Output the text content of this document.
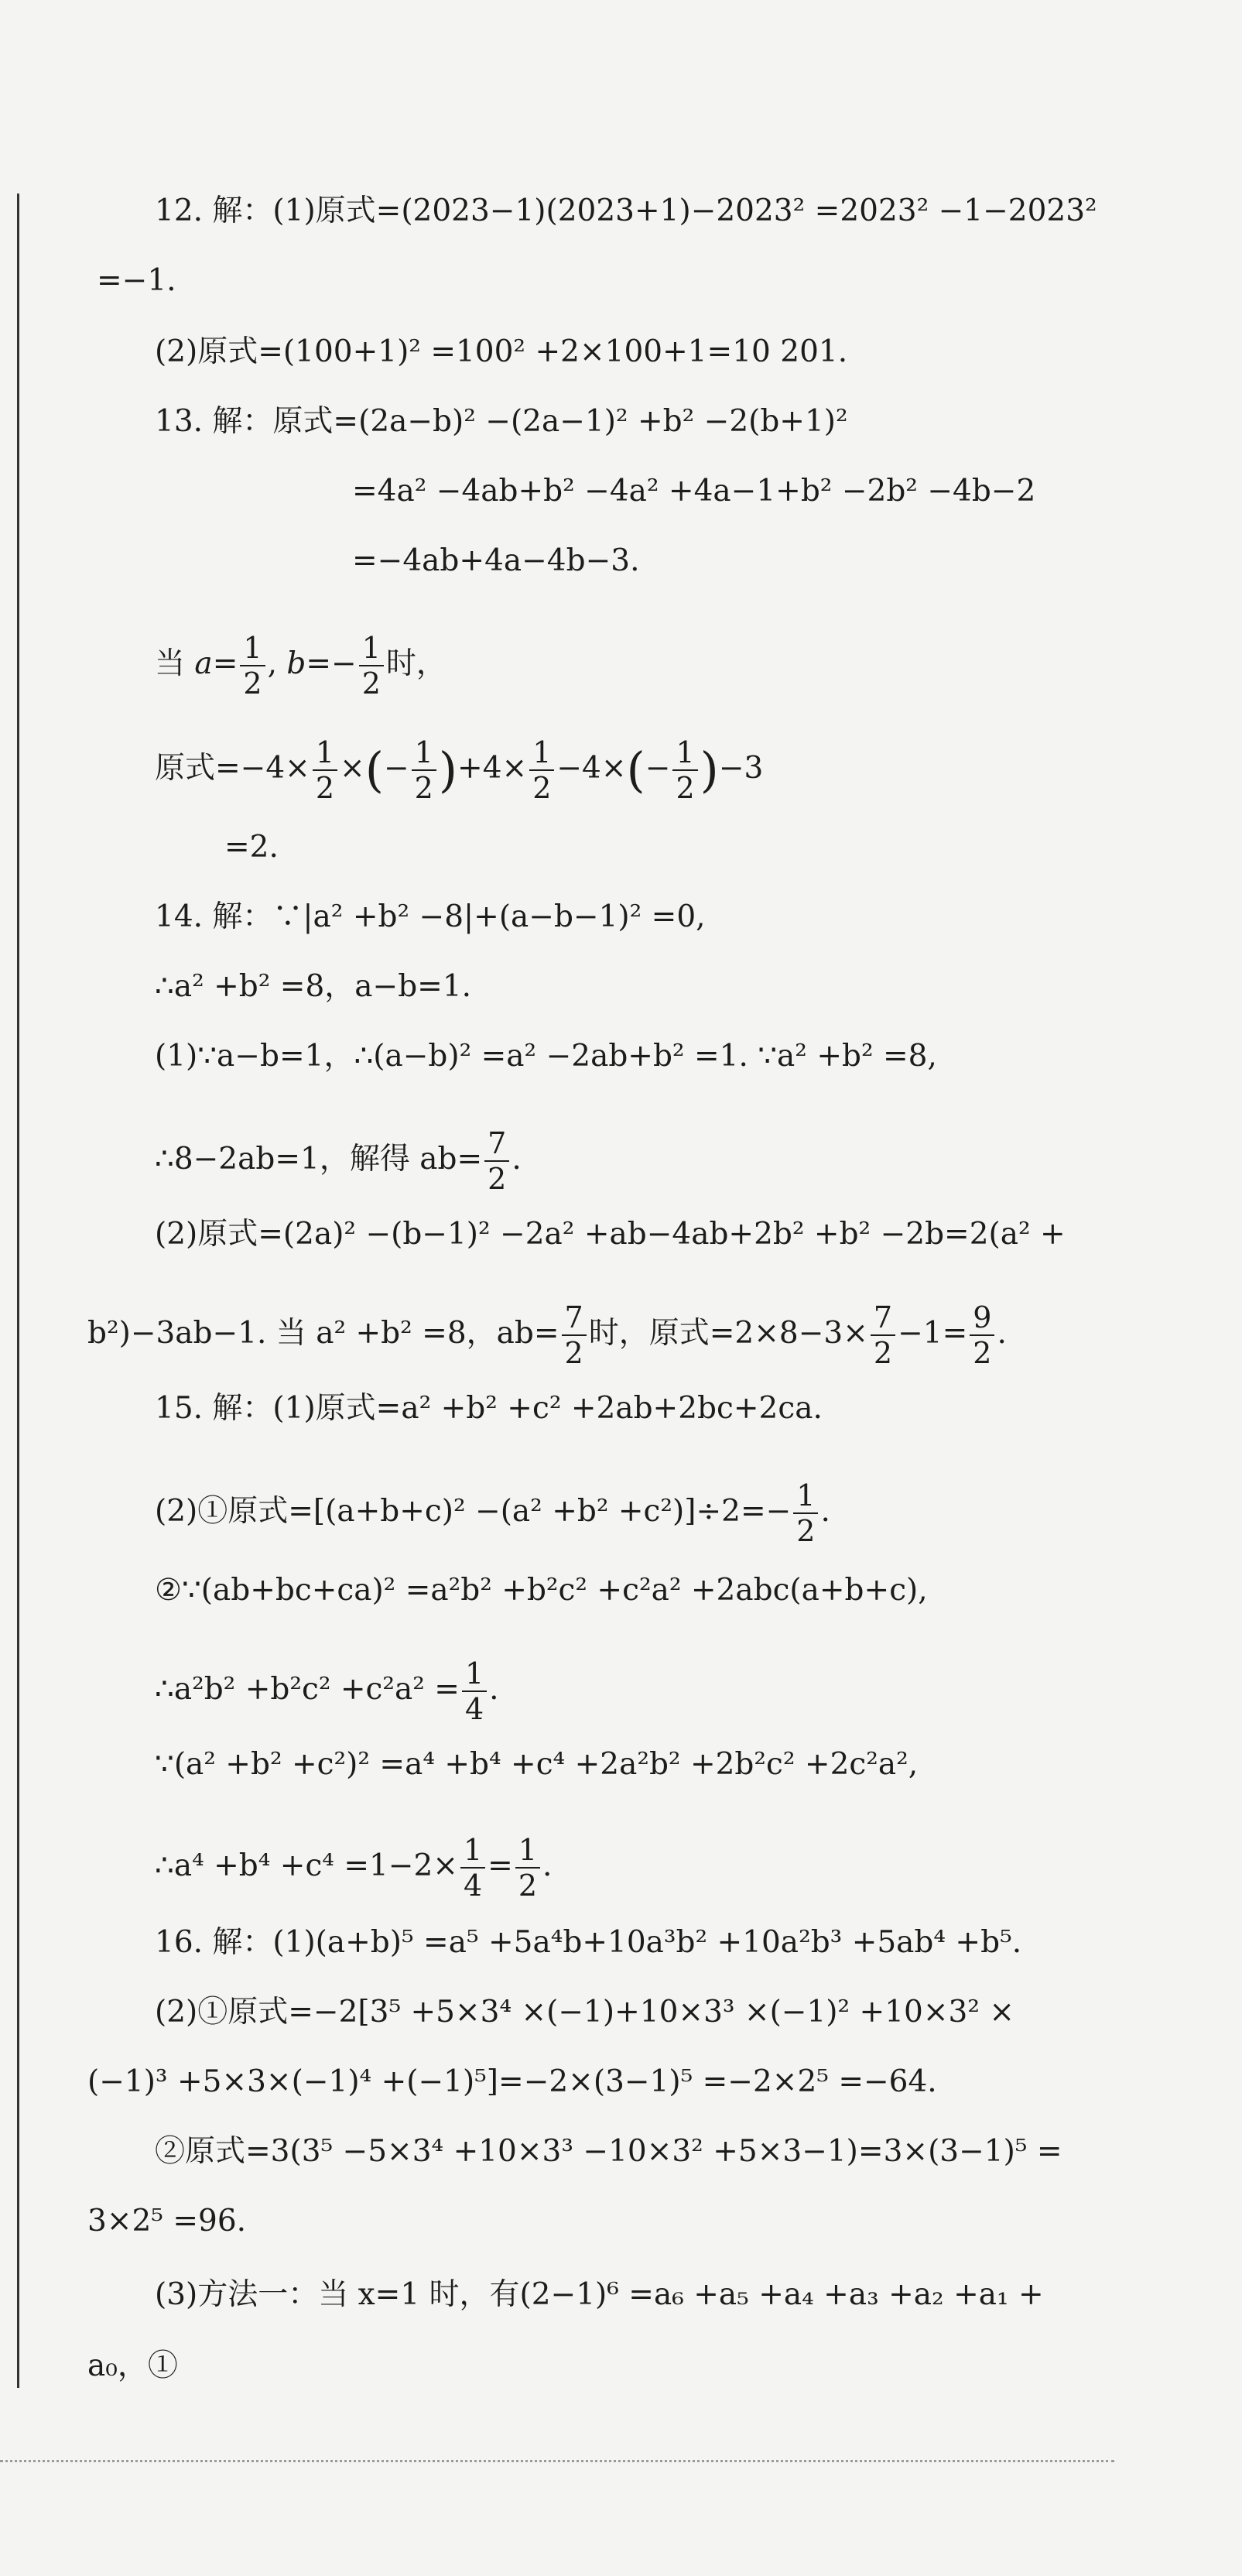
12. 解：(1)原式=(2023−1)(2023+1)−2023² =2023² −1−2023²
=−1.
(2)原式=(100+1)² =100² +2×100+1=10 201.
13. 解：原式=(2a−b)² −(2a−1)² +b² −2(b+1)²
=4a² −4ab+b² −4a² +4a−1+b² −2b² −4b−2
=−4ab+4a−4b−3.
当 $a= \frac{1}{2}$ , $b=- \frac{1}{2}$ 时，
原式$=-4\times \frac{1}{2}$ ×(− $\frac{1}{2} )+4\times \frac{1}{2} -4\times(- \frac{1}{2} )-3$
=2.
14. 解：∵|a² +b² −8|+(a−b−1)² =0,
∴a² +b² =8，a−b=1.
(1)∵a−b=1，∴(a−b)² =a² −2ab+b² =1. ∵a² +b² =8,
∴8−2ab=1，解得 $ab= \frac{7}{2}$ .
(2)原式=(2a)² −(b−1)² −2a² +ab−4ab+2b² +b² −2b=2(a² +
b²)−3ab−1. 当 a² +b² =8，$ab= \frac{7}{2}$ 时，原式$=2\times 8-3\times \frac{7}{2} -1= \frac{9}{2}$ .
15. 解：(1)原式=a² +b² +c² +2ab+2bc+2ca.
(2)①原式$=[(a+b+c)^2 -(a^2 +b^2 +c^2)]\div 2=- \frac{1}{2}$ .
②∵(ab+bc+ca)² =a²b² +b²c² +c²a² +2abc(a+b+c),
∴a²b² $+b^2c^2 +c^2a^2 = \frac{1}{4}$ .
∵(a² +b² +c²)² =a⁴ +b⁴ +c⁴ +2a²b² +2b²c² +2c²a²,
∴a⁴ $+b^4 +c^4 =1-2\times \frac{1}{4} = \frac{1}{2}$ .
16. 解：(1)(a+b)⁵ =a⁵ +5a⁴b+10a³b² +10a²b³ +5ab⁴ +b⁵.
(2)①原式=−2[3⁵ +5×3⁴ ×(−1)+10×3³ ×(−1)² +10×3² ×
(−1)³ +5×3×(−1)⁴ +(−1)⁵]=−2×(3−1)⁵ =−2×2⁵ =−64.
②原式=3(3⁵ −5×3⁴ +10×3³ −10×3² +5×3−1)=3×(3−1)⁵ =
3×2⁵ =96.
(3)方法一：当 x=1 时，有(2−1)⁶ =a₆ +a₅ +a₄ +a₃ +a₂ +a₁ +
a₀，①
